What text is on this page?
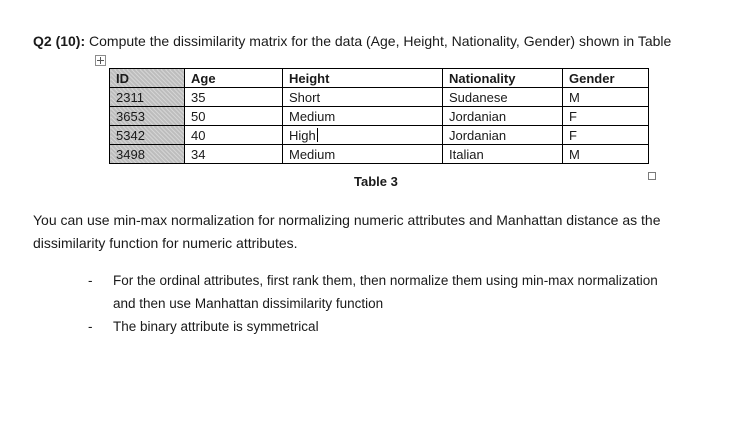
Q2 (10): Compute the dissimilarity matrix for the data (Age, Height, Nationality, Gender) shown in Table
ID	Age	Height	Nationality	Gender
2311	35	Short	Sudanese	M
3653	50	Medium	Jordanian	F
5342	40	High	Jordanian	F
3498	34	Medium	Italian	M
Table 3
You can use min-max normalization for normalizing numeric attributes and Manhattan distance as the dissimilarity function for numeric attributes.
- For the ordinal attributes, first rank them, then normalize them using min-max normalization and then use Manhattan dissimilarity function
- The binary attribute is symmetrical
